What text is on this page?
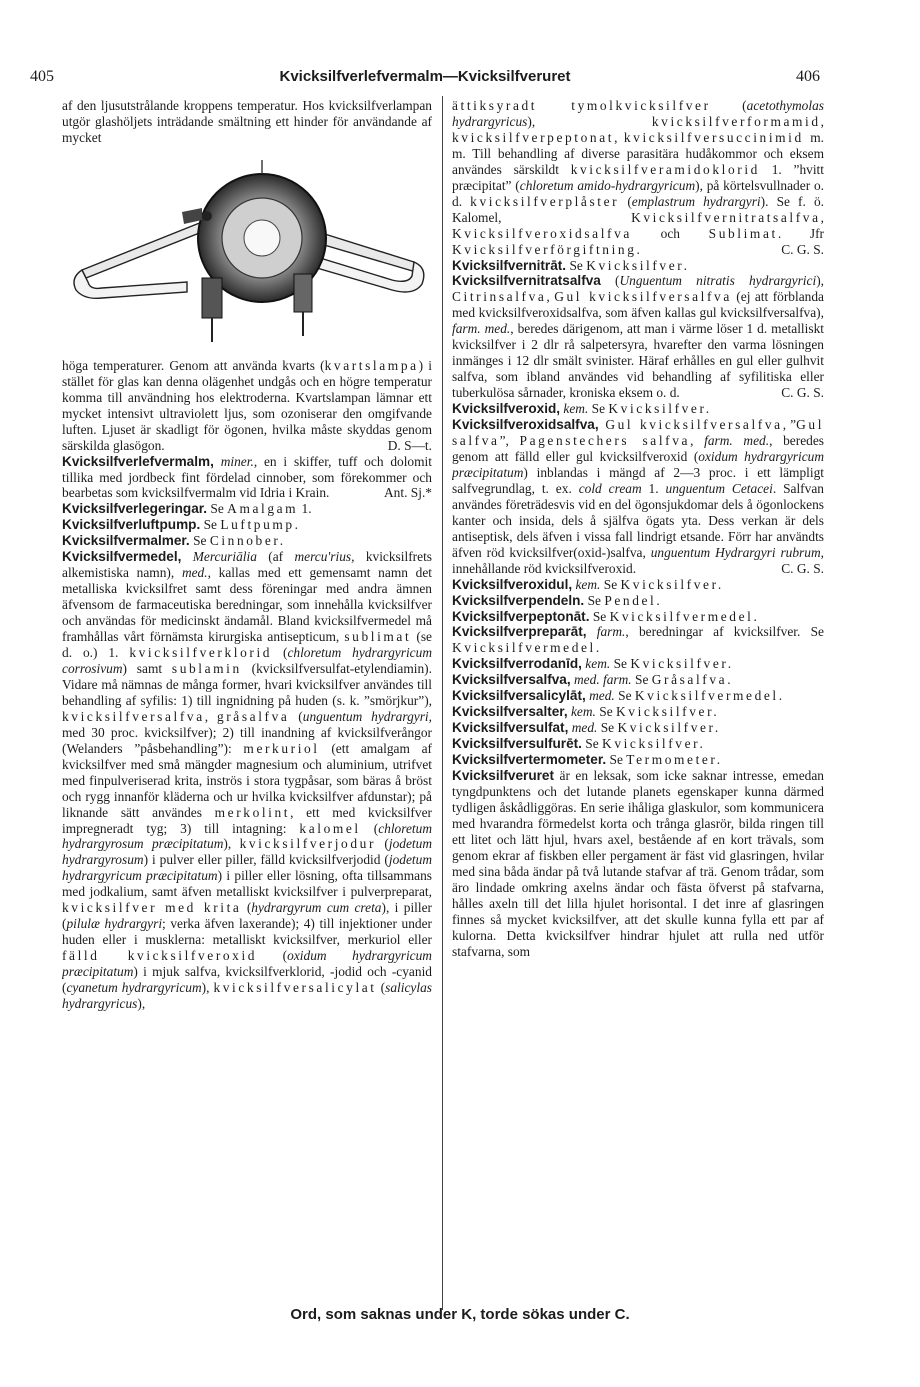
405	Kvicksilfverlefvermalm—Kvicksilfveruret	406

af den ljusutstrålande kroppens temperatur. Hos kvicksilfverlampan utgör glashöljets inträdande smältning ett hinder för användande af mycket

höga temperaturer. Genom att använda kvarts (kvartslampa) i stället för glas kan denna olägenhet undgås och en högre temperatur komma till användning hos elektroderna. Kvartslampan lämnar ett mycket intensivt ultraviolett ljus, som ozoniserar den omgifvande luften. Ljuset är skadligt för ögonen, hvilka måste skyddas genom särskilda glasögon.	D. S—t.

Kvicksilfverlefvermalm, miner., en i skiffer, tuff och dolomit tillika med jordbeck fint fördelad cinnober, som förekommer och bearbetas som kvicksilfvermalm vid Idria i Krain.	Ant. Sj.*

Kvicksilfverlegeringar. Se Amalgam 1.

Kvicksilfverluftpump. Se Luftpump.

Kvicksilfvermalmer. Se Cinnober.

Kvicksilfvermedel, Mercuriālia (af mercu'rius, kvicksilfrets alkemistiska namn), med., kallas med ett gemensamt namn det metalliska kvicksilfret samt dess föreningar med andra ämnen äfvensom de farmaceutiska beredningar, som innehålla kvicksilfver och användas för medicinskt ändamål. Bland kvicksilfvermedel må framhållas vårt förnämsta kirurgiska antisepticum, sublimat (se d. o.) 1. kvicksilfverklorid (chloretum hydrargyricum corrosivum) samt sublamin (kvicksilfversulfat-etylendiamin). Vidare må nämnas de många former, hvari kvicksilfver användes till behandling af syfilis: 1) till ingnidning på huden (s. k. ”smörjkur”), kvicksilfversalfva, gråsalfva (unguentum hydrargyri, med 30 proc. kvicksilfver); 2) till inandning af kvicksilfverångor (Welanders ”påsbehandling”): merkuriol (ett amalgam af kvicksilfver med små mängder magnesium och aluminium, utrifvet med finpulveriserad krita, inströs i stora tygpåsar, som bäras å bröst och rygg innanför kläderna och ur hvilka kvicksilfver afdunstar); på liknande sätt användes merkolint, ett med kvicksilfver impregneradt tyg; 3) till intagning: kalomel (chloretum hydrargyrosum præcipitatum), kvicksilfverjodur (jodetum hydrargyrosum) i pulver eller piller, fälld kvicksilfverjodid (jodetum hydrargyricum præcipitatum) i piller eller lösning, ofta tillsammans med jodkalium, samt äfven metalliskt kvicksilfver i pulverpreparat, kvicksilfver med krita (hydrargyrum cum creta), i piller (pilulæ hydrargyri; verka äfven laxerande); 4) till injektioner under huden eller i musklerna: metalliskt kvicksilfver, merkuriol eller fälld kvicksilfveroxid (oxidum hydrargyricum præcipitatum) i mjuk salfva, kvicksilfverklorid, -jodid och -cyanid (cyanetum hydrargyricum), kvicksilfversalicylat (salicylas hydrargyricus),

ättiksyradt tymolkvicksilfver (acetothymolas hydrargyricus), kvicksilfverformamid, kvicksilfverpeptonat, kvicksilfversuccinimid m. m. Till behandling af diverse parasitära hudåkommor och eksem användes särskildt kvicksilfveramidoklorid 1. ”hvitt præcipitat” (chloretum amido-hydrargyricum), på körtelsvullnader o. d. kvicksilfverplåster (emplastrum hydrargyri). Se f. ö. Kalomel, Kvicksilfvernitratsalfva, Kvicksilfveroxidsalfva och Sublimat. Jfr Kvicksilfverförgiftning.	C. G. S.

Kvicksilfvernitrāt. Se Kvicksilfver.

Kvicksilfvernitratsalfva (Unguentum nitratis hydrargyrici), Citrinsalfva, Gul kvicksilfversalfva (ej att förblanda med kvicksilfveroxidsalfva, som äfven kallas gul kvicksilfversalfva), farm. med., beredes därigenom, att man i värme löser 1 d. metalliskt kvicksilfver i 2 dlr rå salpetersyra, hvarefter den varma lösningen inmänges i 12 dlr smält svinister. Häraf erhålles en gul eller gulhvit salfva, som ibland användes vid behandling af syfilitiska eller tuberkulösa sårnader, kroniska eksem o. d.	C. G. S.

Kvicksilfveroxid, kem. Se Kvicksilfver.

Kvicksilfveroxidsalfva, Gul kvicksilfversalfva, ”Gul salfva”, Pagenstechers salfva, farm. med., beredes genom att fälld eller gul kvicksilfveroxid (oxidum hydrargyricum præcipitatum) inblandas i mängd af 2—3 proc. i ett lämpligt salfvegrundlag, t. ex. cold cream 1. unguentum Cetacei. Salfvan användes företrädesvis vid en del ögonsjukdomar dels å ögonlockens kanter och insida, dels å själfva ögats yta. Dess verkan är dels antiseptisk, dels äfven i vissa fall lindrigt etsande. Förr har användts äfven röd kvicksilfver(oxid-)salfva, unguentum Hydrargyri rubrum, innehållande röd kvicksilfveroxid.	C. G. S.

Kvicksilfveroxidul, kem. Se Kvicksilfver.

Kvicksilfverpendeln. Se Pendel.

Kvicksilfverpeptonāt. Se Kvicksilfvermedel.

Kvicksilfverpreparāt, farm., beredningar af kvicksilfver. Se Kvicksilfvermedel.

Kvicksilfverrodanīd, kem. Se Kvicksilfver.

Kvicksilfversalfva, med. farm. Se Gråsalfva.

Kvicksilfversalicylāt, med. Se Kvicksilfvermedel.

Kvicksilfversalter, kem. Se Kvicksilfver.

Kvicksilfversulfat, med. Se Kvicksilfver.

Kvicksilfversulfurēt. Se Kvicksilfver.

Kvicksilfvertermometer. Se Termometer.

Kvicksilfveruret är en leksak, som icke saknar intresse, emedan tyngdpunktens och det lutande planets egenskaper kunna därmed tydligen åskådliggöras. En serie ihåliga glaskulor, som kommunicera med hvarandra förmedelst korta och trånga glasrör, bilda ringen till ett litet och lätt hjul, hvars axel, bestående af en kort trävals, som genom ekrar af fiskben eller pergament är fäst vid glasringen, hvilar med sina båda ändar på två lutande stafvar af trä. Genom trådar, som äro lindade omkring axelns ändar och fästa öfverst på stafvarna, hålles axeln till det lilla hjulet horisontal. I det inre af glasringen finnes så mycket kvicksilfver, att det skulle kunna fylla ett par af kulorna. Detta kvicksilfver hindrar hjulet att rulla ned utför stafvarna, som

Ord, som saknas under K, torde sökas under C.
